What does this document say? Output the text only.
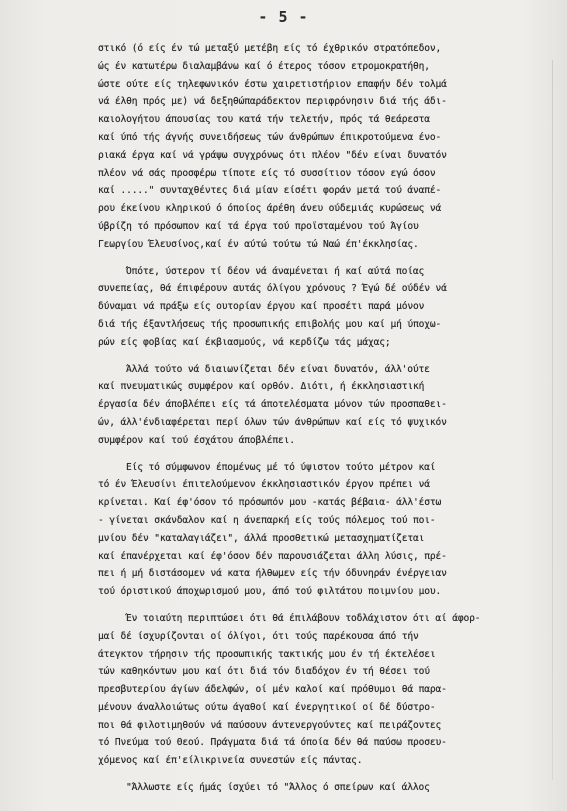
- 5 -
στικό (ό είς έν τώ μεταξύ μετέβη είς τό έχθρικόν στρατόπεδον,
ώς έν κατωτέρω διαλαμβάνω καί ό έτερος τόσον ετρομοκρατήθη,
ώστε ούτε είς τηλεφωνικόν έστω χαιρετιστήριον επαφήν δέν τολμά
νά έλθη πρός με) νά δεξηθώπαράδεκτον περιφρόνησιν διά τής άδι-
καιολογήτου άπουσίας του κατά τήν τελετήν, πρός τά θεάρεστα
καί ύπό τής άγνής συνειδήσεως τών άνθρώπων έπικροτούμενα ένο-
ριακά έργα καί νά γράψω συγχρόνως ότι πλέον "δέν είναι δυνατόν
πλέον νά σάς προσφέρω τίποτε είς τό συσσίτιον τόσον εγώ όσον
καί ....." συνταχθέντες διά μίαν είσέτι φοράν μετά τού άναπέ-
ρου έκείνου κληρικού ό όποίος άρέθη άνευ ούδεμιάς κυρώσεως νά
ύβρίζη τό πρόσωπον καί τά έργα τού προϊσταμένου τού Άγίου
Γεωργίου Έλευσίνος,καί έν αύτώ τούτω τώ Ναώ έπ'έκκλησίας.
Όπότε, ύστερον τί δέον νά άναμένεται ή καί αύτά ποίας
συνεπείας, θά έπιφέρουν αυτάς όλίγου χρόνους ? Έγώ δέ ούδέν νά
δύναμαι νά πράξω είς ουτορίαν έργου καί προσέτι παρά μόνον
διά τής έξαντλήσεως τής προσωπικής επιβολής μου καί μή ύποχω-
ρών είς φοβίας καί έκβιασμούς, νά κερδίζω τάς μάχας;
Άλλά τούτο νά διαιωνίζεται δέν είναι δυνατόν, άλλ'ούτε
καί πνευματικώς συμφέρον καί ορθόν. Διότι, ή έκκλησιαστική
έργασία δέν άποβλέπει είς τά άποτελέσματα μόνον τών προσπαθει-
ών, άλλ'ένδιαφέρεται περί όλων τών άνθρώπων καί είς τό ψυχικόν
συμφέρον καί τού έσχάτου άποβλέπει.
Είς τό σύμφωνον έπομένως μέ τό ύψιστον τούτο μέτρον καί
τό έν Έλευσίνι έπιτελούμενον έκκλησιαστικόν έργον πρέπει νά
κρίνεται. Καί έφ'όσον τό πρόσωπόν μου -κατάς βέβαια- άλλ'έστω
- γίνεται σκάνδαλον καί η άνεπαρκή είς τούς πόλεμος τού ποι-
μνίου δέν "καταλαγιάζει", άλλά προσθετικώ μετασχηματίζεται
καί έπανέρχεται καί έφ'όσον δέν παρουσιάζεται άλλη λύσις, πρέ-
πει ή μή διστάσομεν νά κατα ήλθωμεν είς τήν όδυνηράν ένέργειαν
τού όριστικού άποχωρισμού μου, άπό τού φιλτάτου ποιμνίου μου.
Έν τοιαύτη περιπτώσει ότι θά έπιλάβουν τοδλάχιστον ότι αί άφορ-
μαί δέ ίσχυρίζονται οί όλίγοι, ότι τούς παρέκουσα άπό τήν
άτεγκτον τήρησιν τής προσωπικής τακτικής μου έν τή έκτελέσει
τών καθηκόντων μου καί ότι διά τόν διαδόχον έν τή θέσει τού
πρεσβυτερίου άγίων άδελφών, οί μέν καλοί καί πρόθυμοι θά παρα-
μένουν άναλλοιώτως ούτω άγαθοί καί ένεργητικοί οί δέ δύστρο-
ποι θά φιλοτιμηθούν νά παύσουν άντενεργούντες καί πειράζοντες
τό Πνεύμα τού Θεού. Πράγματα διά τά όποία δέν θά παύσω προσευ-
χόμενος καί έπ'είλικρινεία συνεστών είς πάντας.
"Άλλωστε είς ήμάς ίσχύει τό "Άλλος ό σπείρων καί άλλος
